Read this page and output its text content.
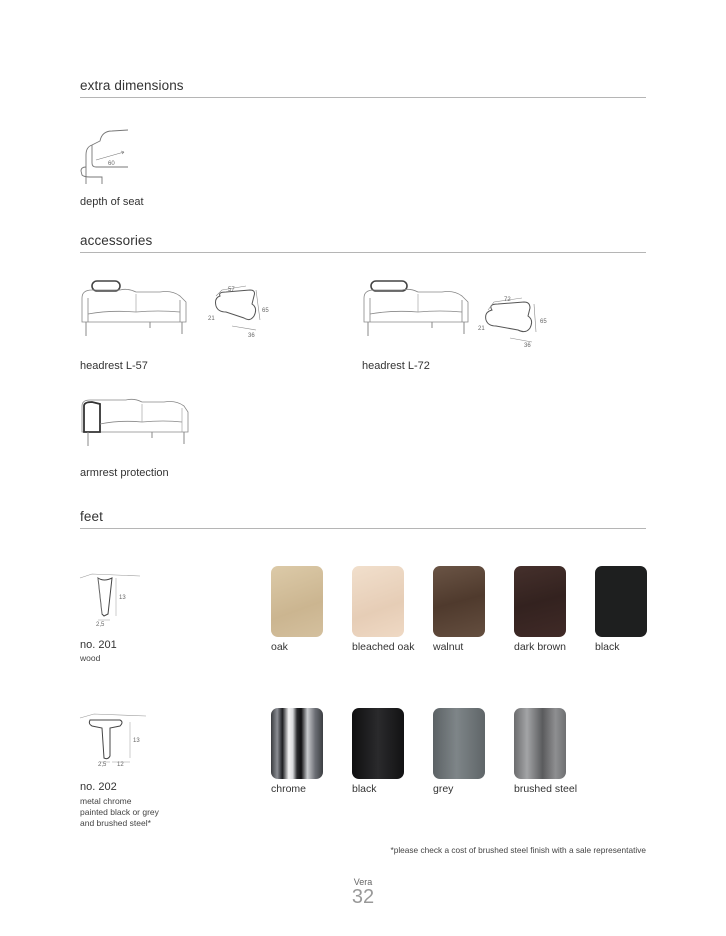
extra dimensions
60
depth of seat
accessories
57
65
21
36
headrest L-57
72
65
21
36
headrest L-72
armrest protection
feet
13
2,5
no. 201
wood
oak	bleached oak walnut	dark brown	black
13
2,5 12
no. 202
metal chrome
painted black or grey
and brushed steel*
chrome	black	grey	brushed steel
*please check a cost of brushed steel finish with a sale representative
Vera
32
